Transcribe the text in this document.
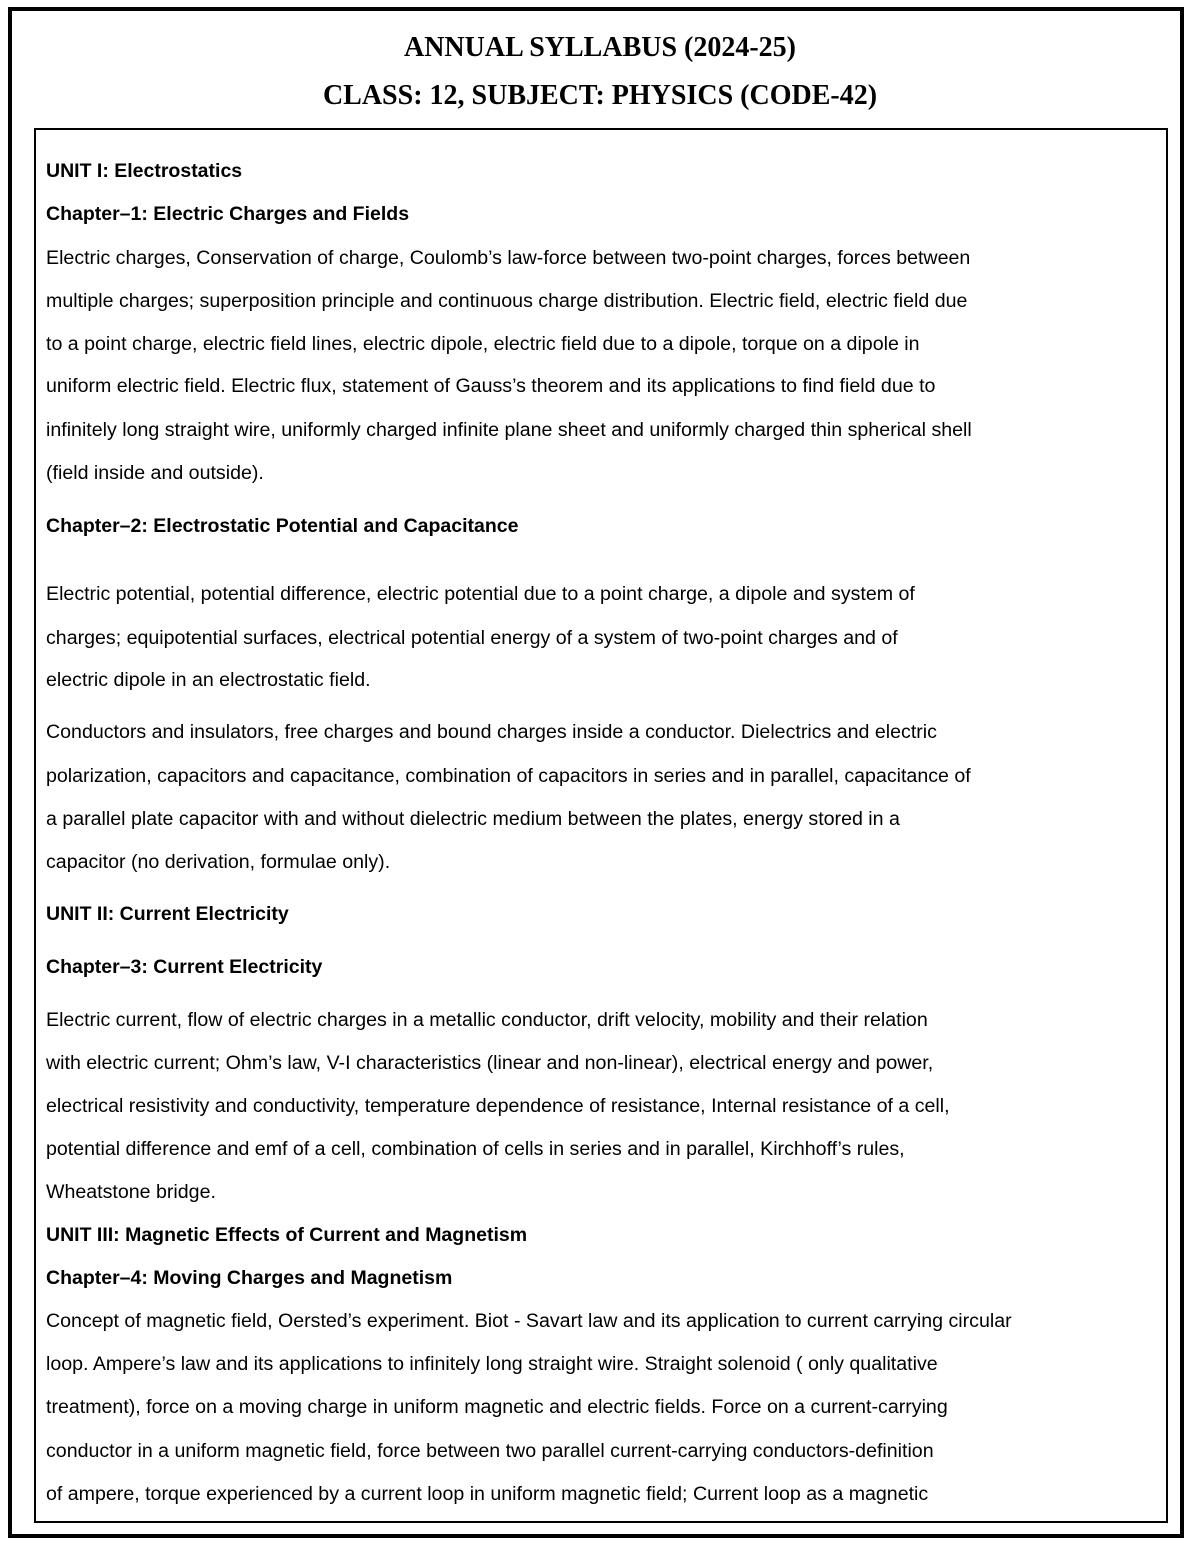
ANNUAL SYLLABUS (2024-25)
CLASS: 12, SUBJECT: PHYSICS (CODE-42)
UNIT I: Electrostatics
Chapter–1: Electric Charges and Fields
Electric charges, Conservation of charge, Coulomb’s law-force between two-point charges, forces between
multiple charges; superposition principle and continuous charge distribution. Electric field, electric field due
to a point charge, electric field lines, electric dipole, electric field due to a dipole, torque on a dipole in
uniform electric field. Electric flux, statement of Gauss’s theorem and its applications to find field due to
infinitely long straight wire, uniformly charged infinite plane sheet and uniformly charged thin spherical shell
(field inside and outside).
Chapter–2: Electrostatic Potential and Capacitance
Electric potential, potential difference, electric potential due to a point charge, a dipole and system of
charges; equipotential surfaces, electrical potential energy of a system of two-point charges and of
electric dipole in an electrostatic field.
Conductors and insulators, free charges and bound charges inside a conductor. Dielectrics and electric
polarization, capacitors and capacitance, combination of capacitors in series and in parallel, capacitance of
a parallel plate capacitor with and without dielectric medium between the plates, energy stored in a
capacitor (no derivation, formulae only).
UNIT II: Current Electricity
Chapter–3: Current Electricity
Electric current, flow of electric charges in a metallic conductor, drift velocity, mobility and their relation
with electric current; Ohm’s law, V-I characteristics (linear and non-linear), electrical energy and power,
electrical resistivity and conductivity, temperature dependence of resistance, Internal resistance of a cell,
potential difference and emf of a cell, combination of cells in series and in parallel, Kirchhoff’s rules,
Wheatstone bridge.
UNIT III: Magnetic Effects of Current and Magnetism
Chapter–4: Moving Charges and Magnetism
Concept of magnetic field, Oersted’s experiment. Biot - Savart law and its application to current carrying circular
loop. Ampere’s law and its applications to infinitely long straight wire. Straight solenoid ( only qualitative
treatment), force on a moving charge in uniform magnetic and electric fields. Force on a current-carrying
conductor in a uniform magnetic field, force between two parallel current-carrying conductors-definition
of ampere, torque experienced by a current loop in uniform magnetic field; Current loop as a magnetic
